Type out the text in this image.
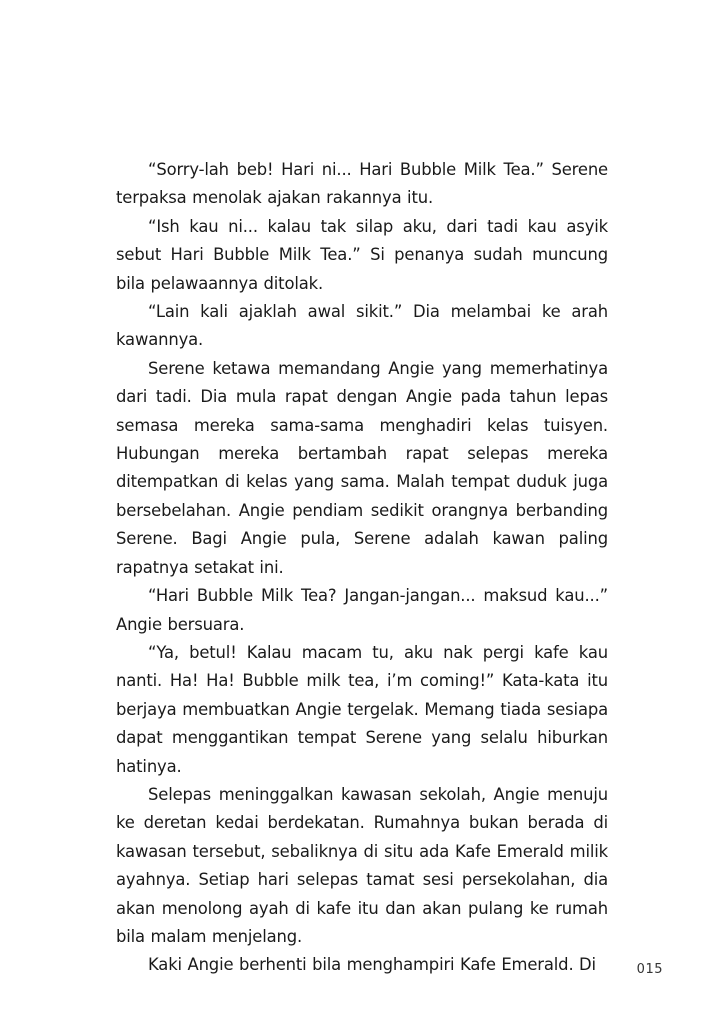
“Sorry-lah beb! Hari ni... Hari Bubble Milk Tea.” Serene terpaksa menolak ajakan rakannya itu.

“Ish kau ni... kalau tak silap aku, dari tadi kau asyik sebut Hari Bubble Milk Tea.” Si penanya sudah muncung bila pelawaannya ditolak.

“Lain kali ajaklah awal sikit.” Dia melambai ke arah kawannya.

Serene ketawa memandang Angie yang memerhatinya dari tadi. Dia mula rapat dengan Angie pada tahun lepas semasa mereka sama-sama menghadiri kelas tuisyen. Hubungan mereka bertambah rapat selepas mereka ditempatkan di kelas yang sama. Malah tempat duduk juga bersebelahan. Angie pendiam sedikit orangnya berbanding Serene. Bagi Angie pula, Serene adalah kawan paling rapatnya setakat ini.

“Hari Bubble Milk Tea? Jangan-jangan... maksud kau...” Angie bersuara.

“Ya, betul! Kalau macam tu, aku nak pergi kafe kau nanti. Ha! Ha! Bubble milk tea, i’m coming!” Kata-kata itu berjaya membuatkan Angie tergelak. Memang tiada sesiapa dapat menggantikan tempat Serene yang selalu hiburkan hatinya.

Selepas meninggalkan kawasan sekolah, Angie menuju ke deretan kedai berdekatan. Rumahnya bukan berada di kawasan tersebut, sebaliknya di situ ada Kafe Emerald milik ayahnya. Setiap hari selepas tamat sesi persekolahan, dia akan menolong ayah di kafe itu dan akan pulang ke rumah bila malam menjelang.

Kaki Angie berhenti bila menghampiri Kafe Emerald. Di	015
